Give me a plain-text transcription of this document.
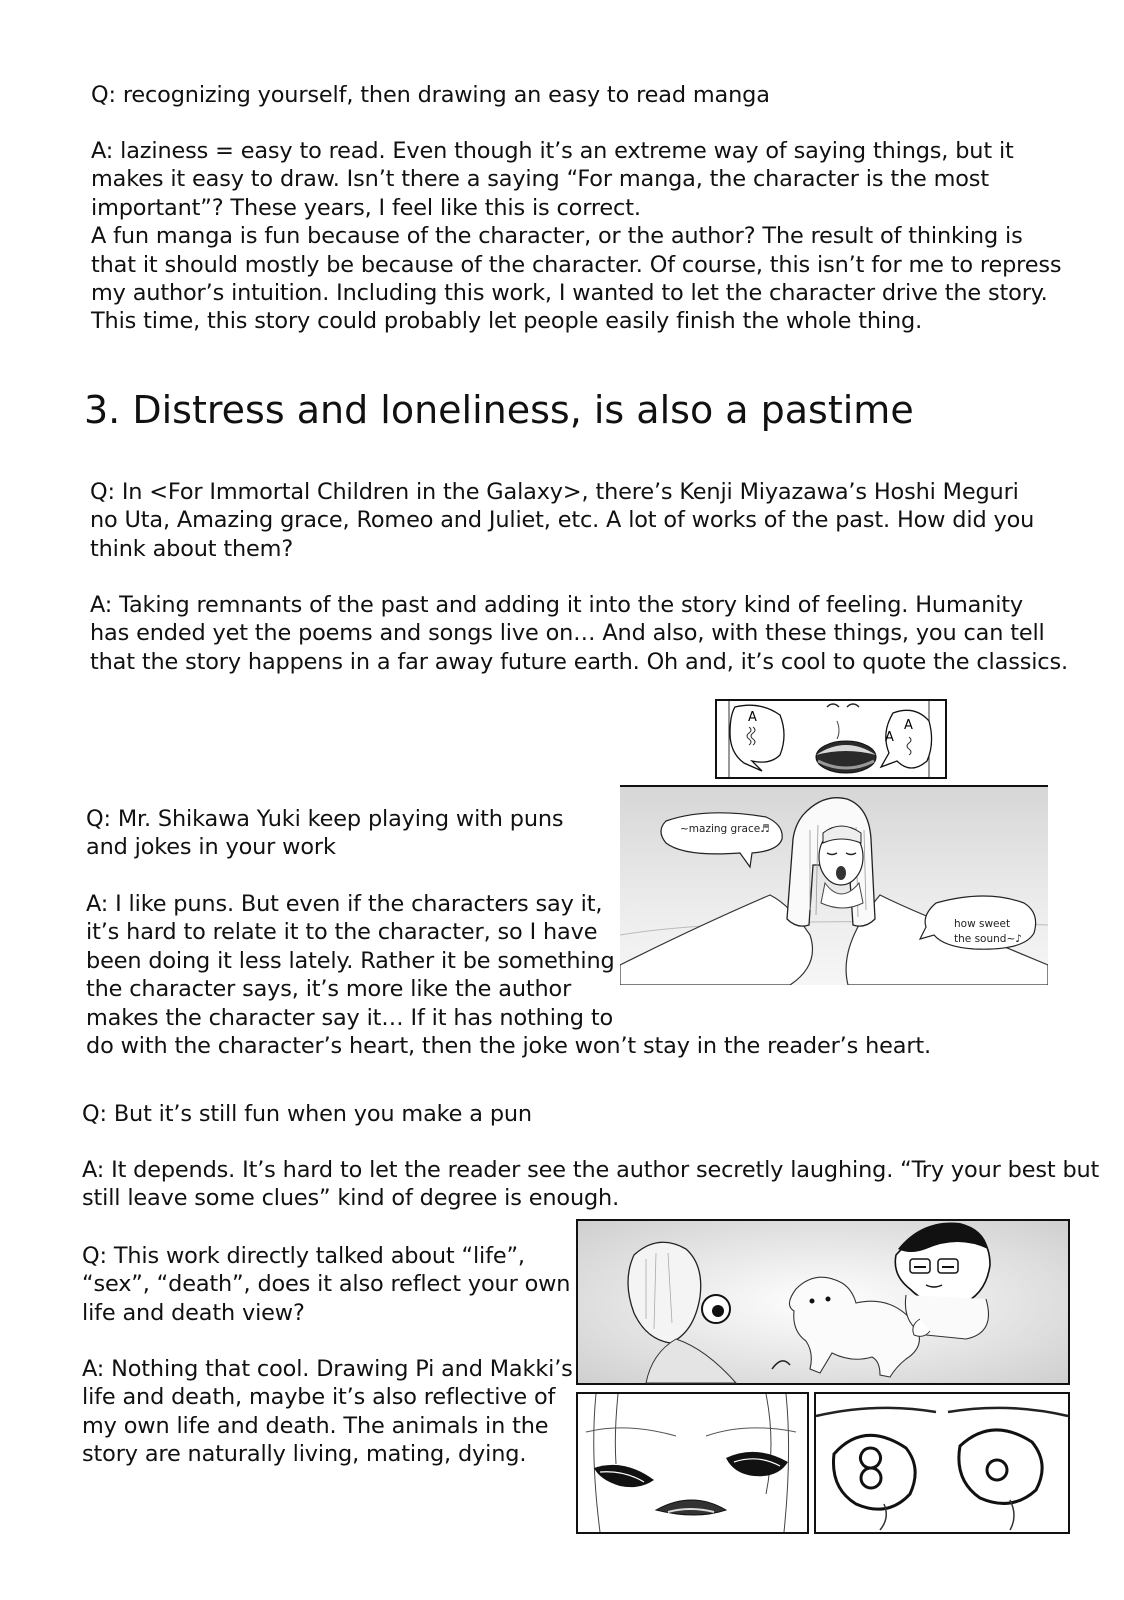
Q: recognizing yourself, then drawing an easy to read manga

A: laziness = easy to read. Even though it’s an extreme way of saying things, but it
makes it easy to draw. Isn’t there a saying “For manga, the character is the most
important”? These years, I feel like this is correct.
A fun manga is fun because of the character, or the author? The result of thinking is
that it should mostly be because of the character. Of course, this isn’t for me to repress
my author’s intuition. Including this work, I wanted to let the character drive the story.
This time, this story could probably let people easily finish the whole thing.

3. Distress and loneliness, is also a pastime

Q: In <For Immortal Children in the Galaxy>, there’s Kenji Miyazawa’s Hoshi Meguri
no Uta, Amazing grace, Romeo and Juliet, etc. A lot of works of the past. How did you
think about them?

A: Taking remnants of the past and adding it into the story kind of feeling. Humanity
has ended yet the poems and songs live on… And also, with these things, you can tell
that the story happens in a far away future earth. Oh and, it’s cool to quote the classics.

A
A
A
~mazing grace♬
how sweet
the sound~♪

Q: Mr. Shikawa Yuki keep playing with puns
and jokes in your work

A: I like puns. But even if the characters say it,
it’s hard to relate it to the character, so I have
been doing it less lately. Rather it be something
the character says, it’s more like the author
makes the character say it… If it has nothing to
do with the character’s heart, then the joke won’t stay in the reader’s heart.

Q: But it’s still fun when you make a pun

A: It depends. It’s hard to let the reader see the author secretly laughing. “Try your best but
still leave some clues” kind of degree is enough.

Q: This work directly talked about “life”,
“sex”, “death”, does it also reflect your own
life and death view?

A: Nothing that cool. Drawing Pi and Makki’s
life and death, maybe it’s also reflective of
my own life and death. The animals in the
story are naturally living, mating, dying.
